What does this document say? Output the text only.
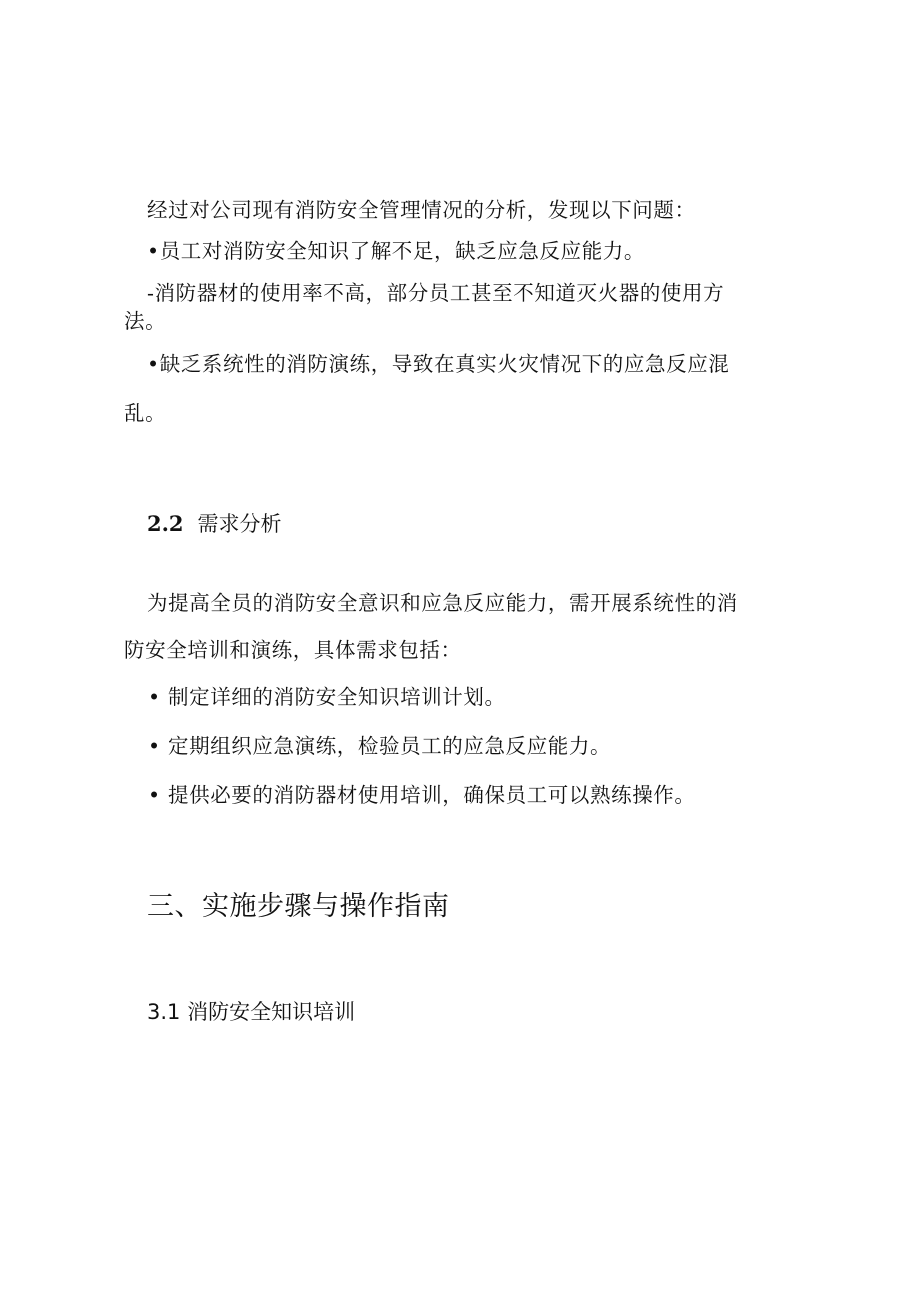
经过对公司现有消防安全管理情况的分析，发现以下问题：

•员工对消防安全知识了解不足，缺乏应急反应能力。

-消防器材的使用率不高，部分员工甚至不知道灭火器的使用方

法。

•缺乏系统性的消防演练，导致在真实火灾情况下的应急反应混

乱。

2.2 需求分析

为提高全员的消防安全意识和应急反应能力，需开展系统性的消

防安全培训和演练，具体需求包括：

• 制定详细的消防安全知识培训计划。
• 定期组织应急演练，检验员工的应急反应能力。
• 提供必要的消防器材使用培训，确保员工可以熟练操作。
三、实施步骤与操作指南
3.1 消防安全知识培训
